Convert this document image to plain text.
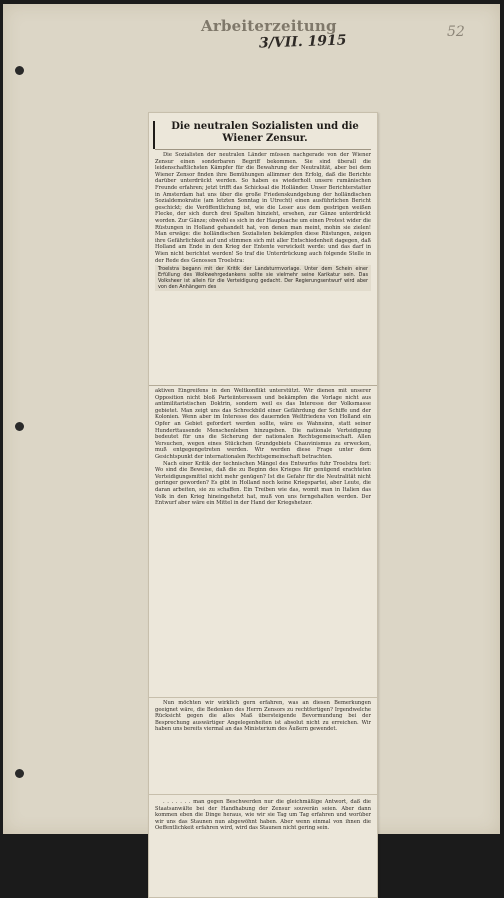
Arbeiterzeitung
3/VII. 1915
52
Die neutralen Sozialisten und die Wiener Zensur.

Die Sozialisten der neutralen Länder müssen nachgerade von der Wiener Zensur einen sonderbaren Begriff bekommen. Sie sind überall die leidenschaftlichsten Kämpfer für die Bewahrung der Neutralität, aber bei dem Wiener Zensor finden ihre Bemühungen allimmer den Erfolg, daß die Berichte darüber unterdrückt werden. So haben es wiederholt unsere rumänischen Freunde erfahren; jetzt trifft das Schicksal die Holländer. Unser Berichterstatter in Amsterdam hat uns über die große Friedenskundgebung der holländischen Sozialdemokratie (am letzten Sonntag in Utrecht) einen ausführlichen Bericht geschickt; die Veröffentlichung ist, wie die Leser aus dem gestrigen weißen Flecke, der sich durch drei Spalten hinzieht, ersehen, zur Gänze unterdrückt worden. Zur Gänze; obwohl es sich in der Hauptsache um einen Protest wider die Rüstungen in Holland gehandelt hat, von denen man meint, mohin sie zielen! Man erwäge: die holländischen Sozialisten bekämpfen diese Rüstungen, zeigen ihre Gefährlichkeit auf und stimmen sich mit aller Entschiedenheit dagegen, daß Holland am Ende in den Krieg der Entente verwickelt werde: und das darf in Wien nicht berichtet werden! So traf die Unterdrückung auch folgende Stelle in der Rede des Genossen Troelstra:

Troelstra begann mit der Kritik der Landsturmvorlage. Unter dem Schein einer Erfüllung des Wolkwehrgedankens sollte sie vielmehr seine Karikatur sein. Das Volksheer ist allein für die Verteidigung gedacht. Der Regierungsentwurf wird aber von den Anhängern des

aktiven Eingreifens in den Weltkonflikt unterstützt. Wir dienen mit unserer Opposition nicht bloß Parteiinteressen und bekämpfen die Vorlage nicht aus antimilitaristischen Doktrin, sondern weil es das Interesse der Volksmasse gebietet. Man zeigt uns das Schreckbild einer Gefährdung der Schiffe und der Kolonien. Wenn aber im Interesse des dauernden Weltfriedens von Holland ein Opfer an Gebiet gefordert werden sollte, wäre es Wahnsinn, statt seiner Hunderttausende Menschenleben hinzugeben. Die nationale Verteidigung bedeutet für uns die Sicherung der nationalen Rechtsgemeinschaft. Allen Versuchen, wegen eines Stückchen Grundgebiets Chauvinismus zu erwecken, muß entgegengetreten werden. Wir werden diese Frage unter dem Gesichtspunkt der internationalen Rechtsgemeinschaft betrachten.

Nach einer Kritik der technischen Mängel des Entwurfes fuhr Troelstra fort: Wo sind die Beweise, daß die zu Beginn des Krieges für genügend erachteten Verteidigungsmittel nicht mehr genügen? Ist die Gefahr für die Neutralität nicht geringer geworden? Es gibt in Holland noch keine Kriegspartei, aber Leute, die daran arbeiten, sie zu schaffen. Ein Treiben wie das, womit man in Italien das Volk in den Krieg hineingehetzt hat, muß von uns ferngehalten werden. Der Entwurf aber wäre ein Mittel in der Hand der Kriegshetzer.

Nun möchten wir wirklich gern erfahren, was an diesen Bemerkungen geeignet wäre, die Bedenken des Herrn Zensors zu rechtfertigen? Irgendwelche Rücksicht gegen die alles Maß übersteigende Bevormundung bei der Besprechung auswärtiger Angelegenheiten ist absolut nicht zu erreichen. Wir haben uns bereits viermal an das Ministerium des Äußern gewendet.

. . . . . . . man gegen Beschwerden nur die gleichmäßige Antwort, daß die Staatsanwälte bei der Handhabung der Zensur souverän seien. Aber dann kommen eben die Dinge heraus, wie wir sie Tag um Tag erfahren und worüber wir uns das Staunen nun abgewöhnt haben. Aber wenn einmal von ihnen die Oeffentlichkeit erfahren wird, wird das Staunen nicht gering sein.
